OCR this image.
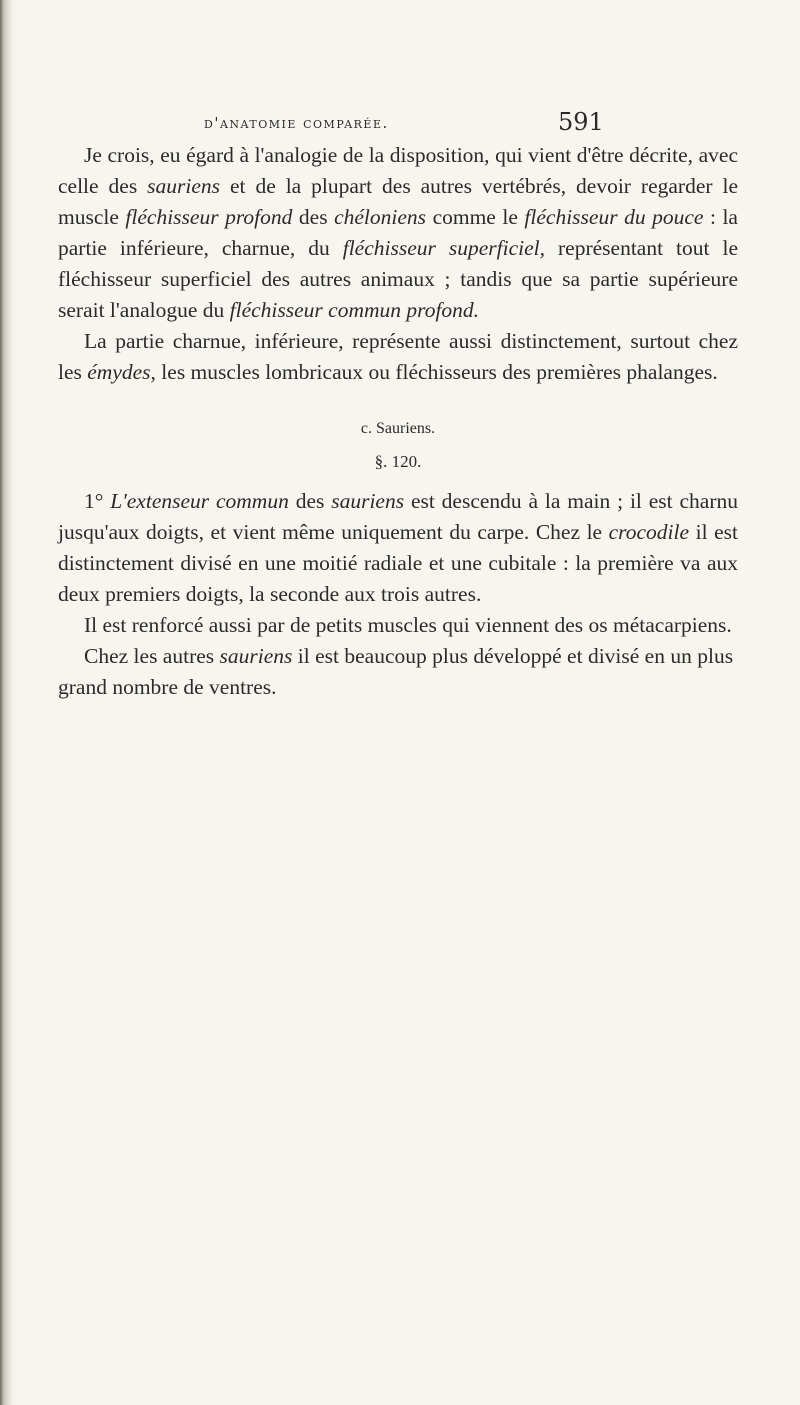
d'anatomie comparée.	591

Je crois, eu égard à l'analogie de la disposition, qui vient d'être décrite, avec celle des sauriens et de la plupart des autres vertébrés, devoir regarder le muscle fléchisseur profond des chéloniens comme le fléchisseur du pouce : la partie inférieure, charnue, du fléchisseur superficiel, représentant tout le fléchisseur superficiel des autres animaux ; tandis que sa partie supérieure serait l'analogue du fléchisseur commun profond.

La partie charnue, inférieure, représente aussi distinctement, surtout chez les émydes, les muscles lombricaux ou fléchisseurs des premières phalanges.

c. Sauriens.
§. 120.

1° L'extenseur commun des sauriens est descendu à la main ; il est charnu jusqu'aux doigts, et vient même uniquement du carpe. Chez le crocodile il est distinctement divisé en une moitié radiale et une cubitale : la première va aux deux premiers doigts, la seconde aux trois autres.

Il est renforcé aussi par de petits muscles qui viennent des os métacarpiens.

Chez les autres sauriens il est beaucoup plus développé et divisé en un plus grand nombre de ventres.
